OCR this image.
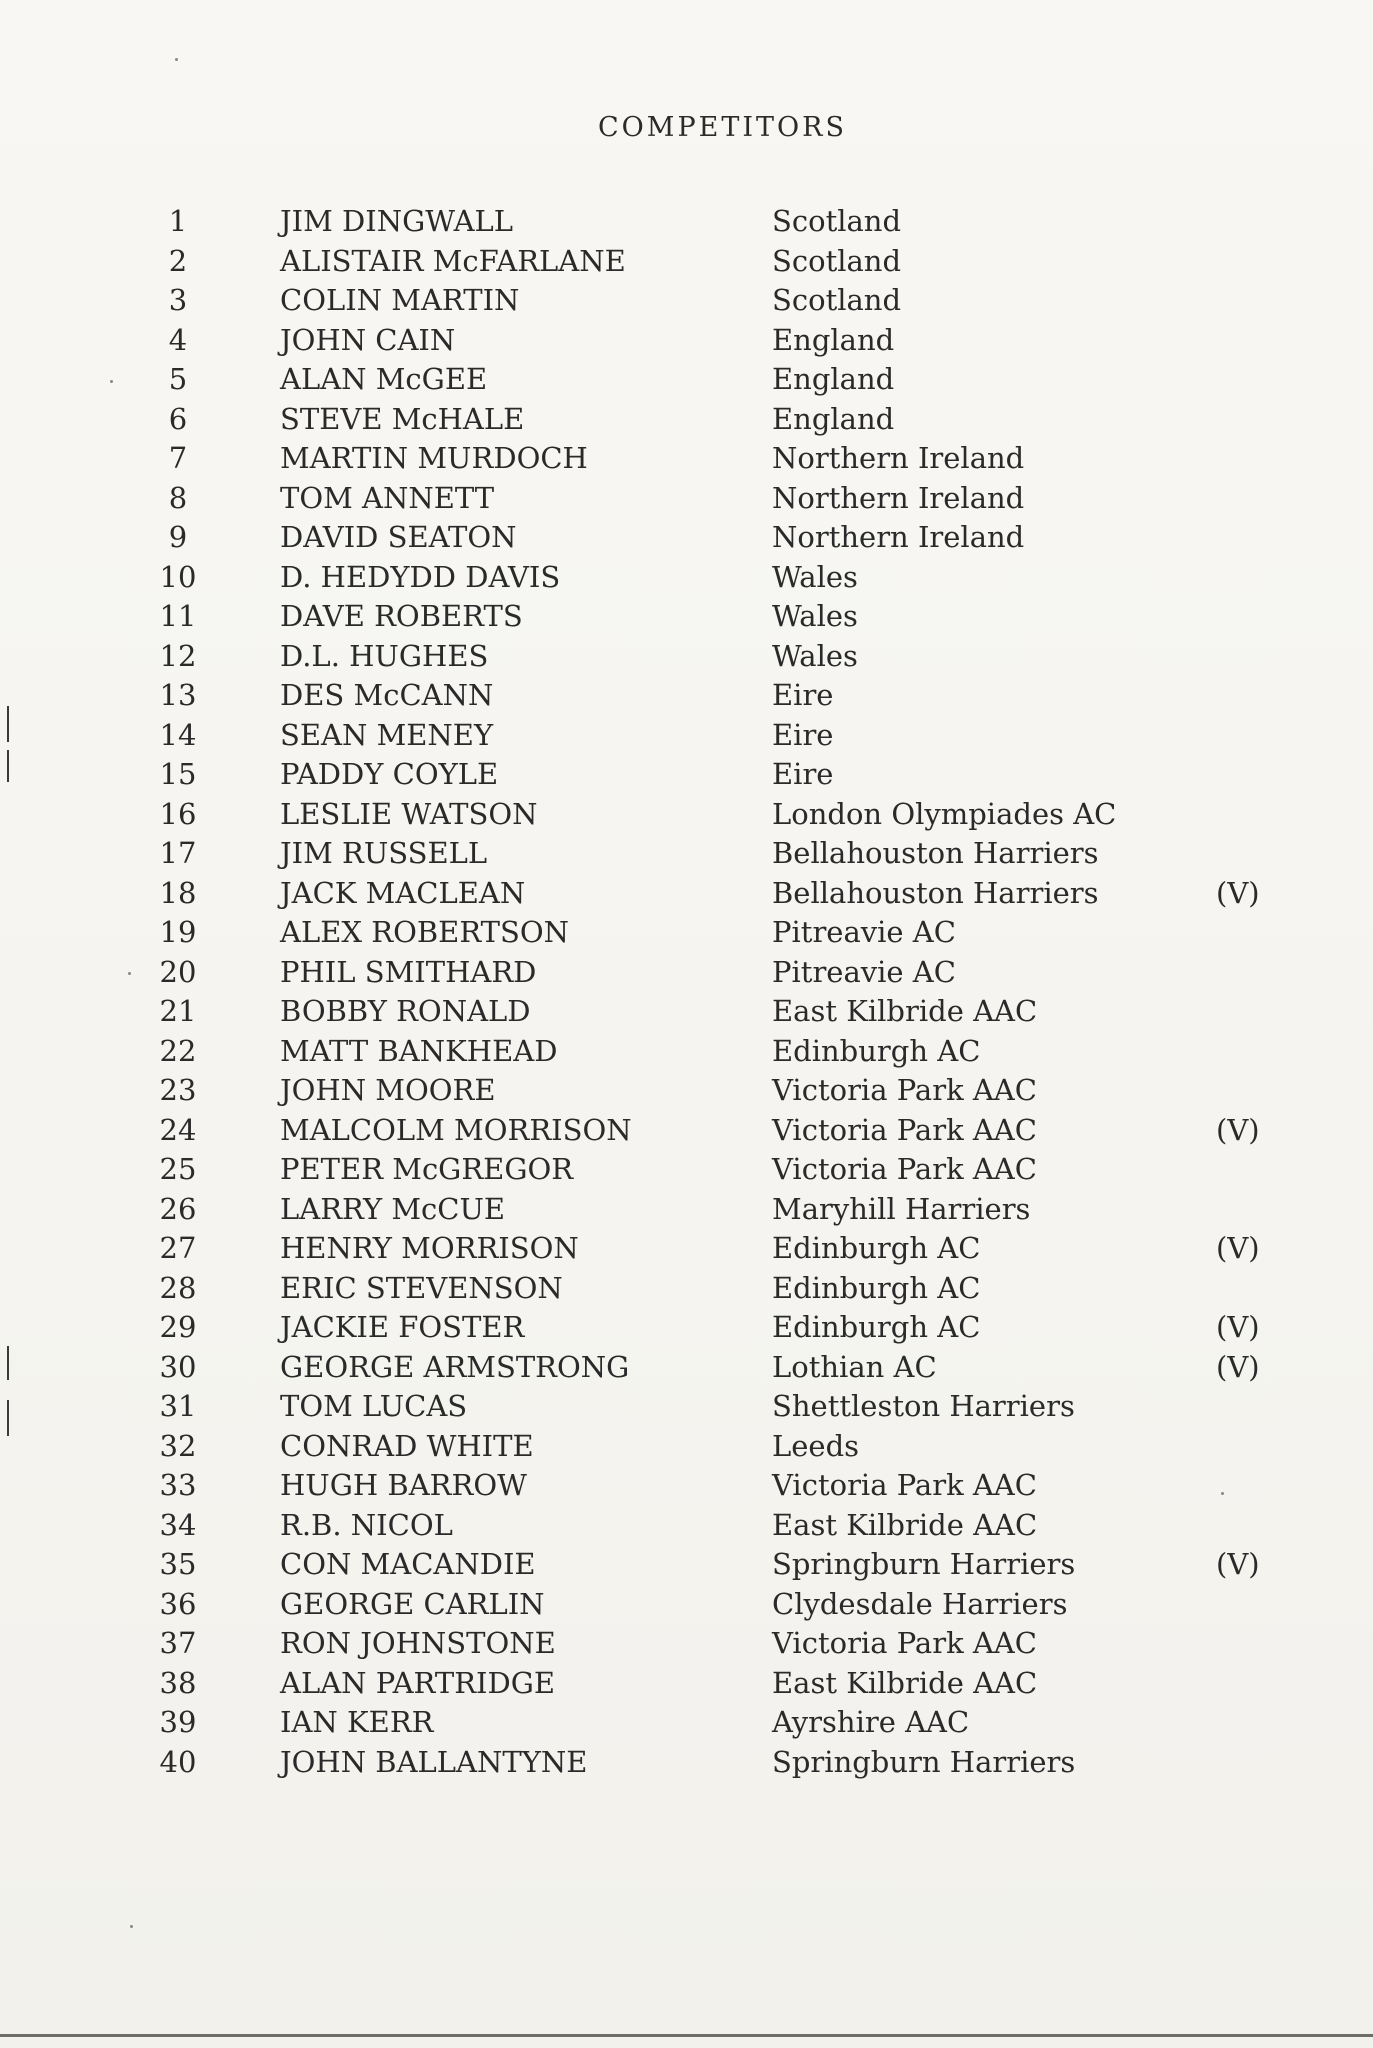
COMPETITORS
1	JIM DINGWALL	Scotland
2	ALISTAIR McFARLANE	Scotland
3	COLIN MARTIN	Scotland
4	JOHN CAIN	England
5	ALAN McGEE	England
6	STEVE McHALE	England
7	MARTIN MURDOCH	Northern Ireland
8	TOM ANNETT	Northern Ireland
9	DAVID SEATON	Northern Ireland
10	D. HEDYDD DAVIS	Wales
11	DAVE ROBERTS	Wales
12	D.L. HUGHES	Wales
13	DES McCANN	Eire
14	SEAN MENEY	Eire
15	PADDY COYLE	Eire
16	LESLIE WATSON	London Olympiades AC
17	JIM RUSSELL	Bellahouston Harriers
18	JACK MACLEAN	Bellahouston Harriers	(V)
19	ALEX ROBERTSON	Pitreavie AC
20	PHIL SMITHARD	Pitreavie AC
21	BOBBY RONALD	East Kilbride AAC
22	MATT BANKHEAD	Edinburgh AC
23	JOHN MOORE	Victoria Park AAC
24	MALCOLM MORRISON	Victoria Park AAC	(V)
25	PETER McGREGOR	Victoria Park AAC
26	LARRY McCUE	Maryhill Harriers
27	HENRY MORRISON	Edinburgh AC	(V)
28	ERIC STEVENSON	Edinburgh AC
29	JACKIE FOSTER	Edinburgh AC	(V)
30	GEORGE ARMSTRONG	Lothian AC	(V)
31	TOM LUCAS	Shettleston Harriers
32	CONRAD WHITE	Leeds
33	HUGH BARROW	Victoria Park AAC
34	R.B. NICOL	East Kilbride AAC
35	CON MACANDIE	Springburn Harriers	(V)
36	GEORGE CARLIN	Clydesdale Harriers
37	RON JOHNSTONE	Victoria Park AAC
38	ALAN PARTRIDGE	East Kilbride AAC
39	IAN KERR	Ayrshire AAC
40	JOHN BALLANTYNE	Springburn Harriers
